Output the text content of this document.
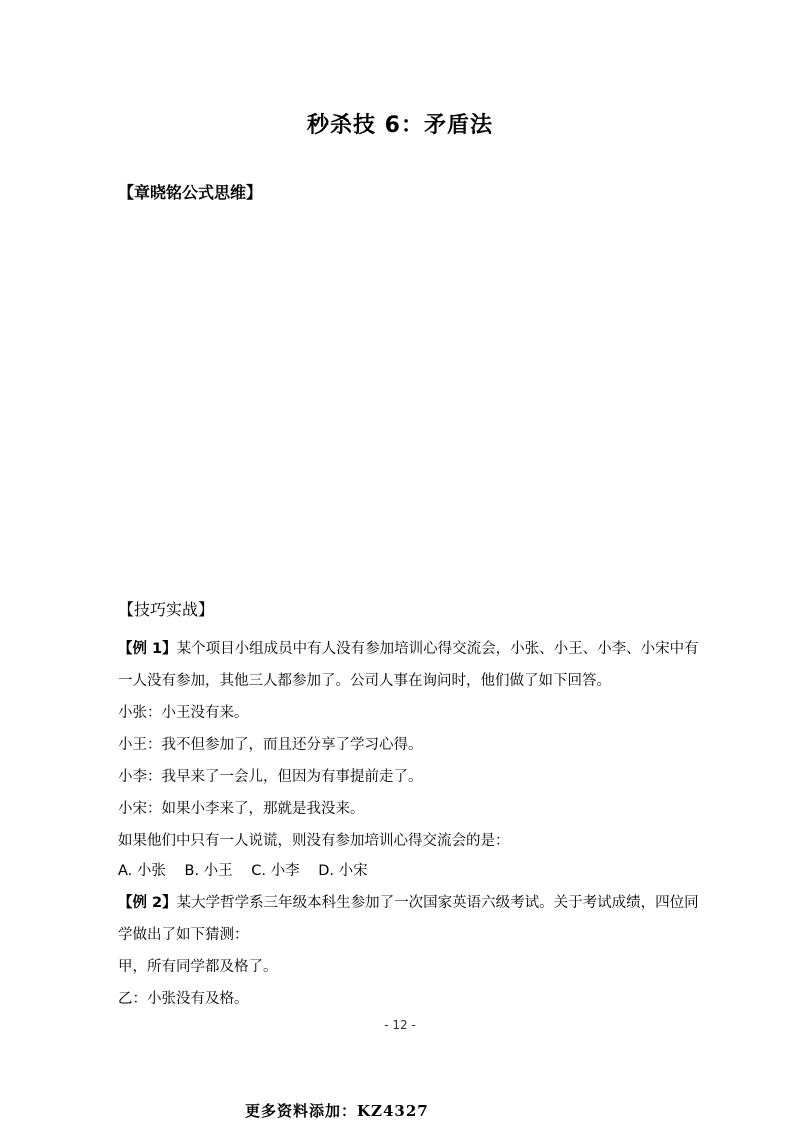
秒杀技 6：矛盾法
【章晓铭公式思维】
【技巧实战】
【例 1】某个项目小组成员中有人没有参加培训心得交流会，小张、小王、小李、小宋中有
一人没有参加，其他三人都参加了。公司人事在询问时，他们做了如下回答。
小张：小王没有来。
小王：我不但参加了，而且还分享了学习心得。
小李：我早来了一会儿，但因为有事提前走了。
小宋：如果小李来了，那就是我没来。
如果他们中只有一人说谎，则没有参加培训心得交流会的是：
A. 小张 B. 小王 C. 小李 D. 小宋
【例 2】某大学哲学系三年级本科生参加了一次国家英语六级考试。关于考试成绩，四位同
学做出了如下猜测：
甲，所有同学都及格了。
乙：小张没有及格。
- 12 -
更多资料添加：KZ4327
